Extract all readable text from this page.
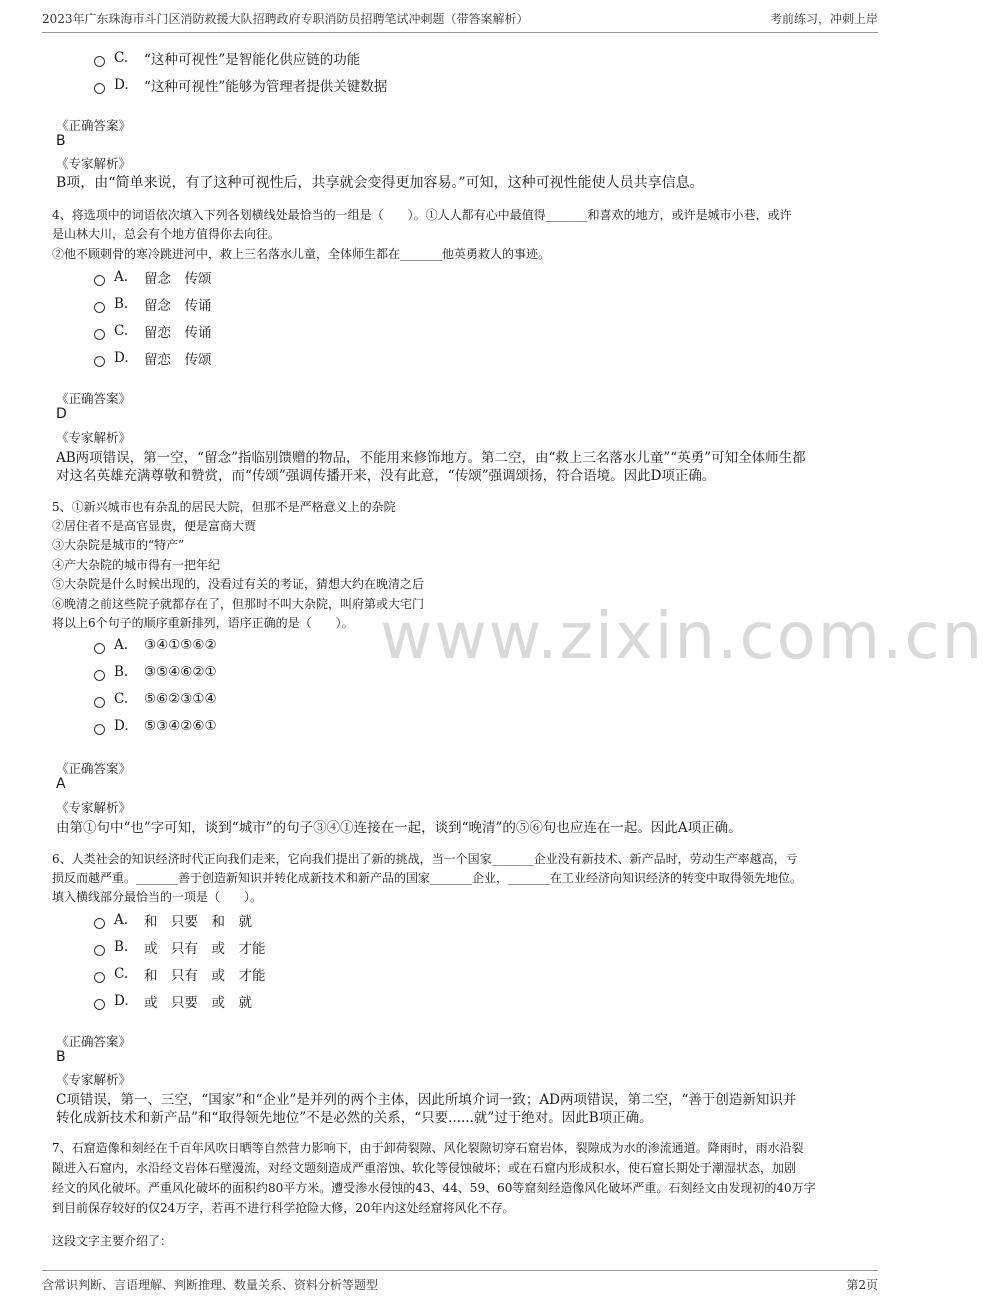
2023年广东珠海市斗门区消防救援大队招聘政府专职消防员招聘笔试冲刺题（带答案解析）	考前练习，冲刺上岸
C.	“这种可视性”是智能化供应链的功能
D.	“这种可视性”能够为管理者提供关键数据
《正确答案》
B
《专家解析》
B项，由“简单来说，有了这种可视性后，共享就会变得更加容易。”可知，这种可视性能使人员共享信息。
4、将选项中的词语依次填入下列各划横线处最恰当的一组是（　　）。①人人都有心中最值得_______和喜欢的地方，或许是城市小巷，或许
是山林大川，总会有个地方值得你去向往。
②他不顾刺骨的寒冷跳进河中，救上三名落水儿童，全体师生都在_______他英勇救人的事迹。
A.	留念　传颂
B.	留念　传诵
C.	留恋　传诵
D.	留恋　传颂
《正确答案》
D
《专家解析》
AB两项错误，第一空，“留念”指临别馈赠的物品，不能用来修饰地方。第二空，由“救上三名落水儿童”“英勇”可知全体师生都
对这名英雄充满尊敬和赞赏，而“传颂”强调传播开来，没有此意，“传颂”强调颂扬，符合语境。因此D项正确。
5、①新兴城市也有杂乱的居民大院，但那不是严格意义上的杂院
②居住者不是高官显贵，便是富商大贾
③大杂院是城市的“特产”
④产大杂院的城市得有一把年纪
⑤大杂院是什么时候出现的，没看过有关的考证，猜想大约在晚清之后
⑥晚清之前这些院子就都存在了，但那时不叫大杂院，叫府第或大宅门
将以上6个句子的顺序重新排列，语序正确的是（　　）。
A.	③④①⑤⑥②
B.	③⑤④⑥②①
C.	⑤⑥②③①④
D.	⑤③④②⑥①
《正确答案》
A
《专家解析》
由第①句中“也”字可知，谈到“城市”的句子③④①连接在一起，谈到“晚清”的⑤⑥句也应连在一起。因此A项正确。
6、人类社会的知识经济时代正向我们走来，它向我们提出了新的挑战，当一个国家_______企业没有新技术、新产品时，劳动生产率越高，亏
损反而越严重。_______善于创造新知识并转化成新技术和新产品的国家_______企业，_______在工业经济向知识经济的转变中取得领先地位。
填入横线部分最恰当的一项是（　　）。
A.	和　只要　和　就
B.	或　只有　或　才能
C.	和　只有　或　才能
D.	或　只要　或　就
《正确答案》
B
《专家解析》
C项错误，第一、三空，“国家”和“企业”是并列的两个主体，因此所填介词一致；AD两项错误，第二空，“善于创造新知识并
转化成新技术和新产品”和“取得领先地位”不是必然的关系，“只要......就”过于绝对。因此B项正确。
7、石窟造像和刻经在千百年风吹日晒等自然营力影响下，由于卸荷裂隙、风化裂隙切穿石窟岩体，裂隙成为水的渗流通道。降雨时，雨水沿裂
隙进入石窟内，水沿经文岩体石壁漫流，对经文题刻造成严重溶蚀、软化等侵蚀破坏；或在石窟内形成积水，使石窟长期处于潮湿状态，加剧
经文的风化破坏。严重风化破坏的面积约80平方米。遭受渗水侵蚀的43、44、59、60等窟刻经造像风化破坏严重。石刻经文由发现初的40万字
到目前保存较好的仅24万字，若再不进行科学抢险大修，20年内这处经窟将风化不存。
这段文字主要介绍了：
www.zixin.com.cn
含常识判断、言语理解、判断推理、数量关系、资料分析等题型	第2页
